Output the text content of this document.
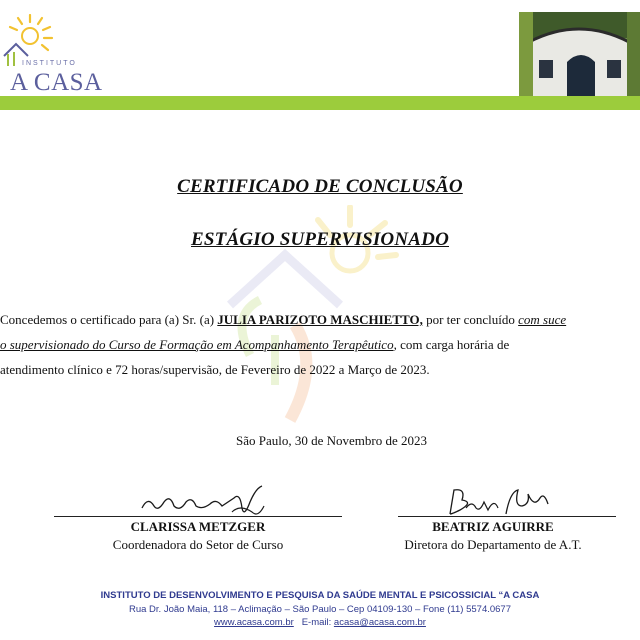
INSTITUTO
A CASA
CERTIFICADO DE CONCLUSÃO
ESTÁGIO SUPERVISIONADO
Concedemos o certificado para (a) Sr. (a) JULIA PARIZOTO MASCHIETTO, por ter concluído com suce
o supervisionado do Curso de Formação em Acompanhamento Terapêutico, com carga horária de
atendimento clínico e 72 horas/supervisão, de Fevereiro de 2022 a Março de 2023.
São Paulo, 30 de Novembro de 2023
CLARISSA METZGER
Coordenadora do Setor de Curso
BEATRIZ AGUIRRE
Diretora do Departamento de A.T.
INSTITUTO DE DESENVOLVIMENTO E PESQUISA DA SAÚDE MENTAL E PSICOSSICIAL “A CASA
Rua Dr. João Maia, 118 – Aclimação – São Paulo – Cep 04109-130 – Fone (11) 5574.0677
www.acasa.com.br E-mail: acasa@acasa.com.br
